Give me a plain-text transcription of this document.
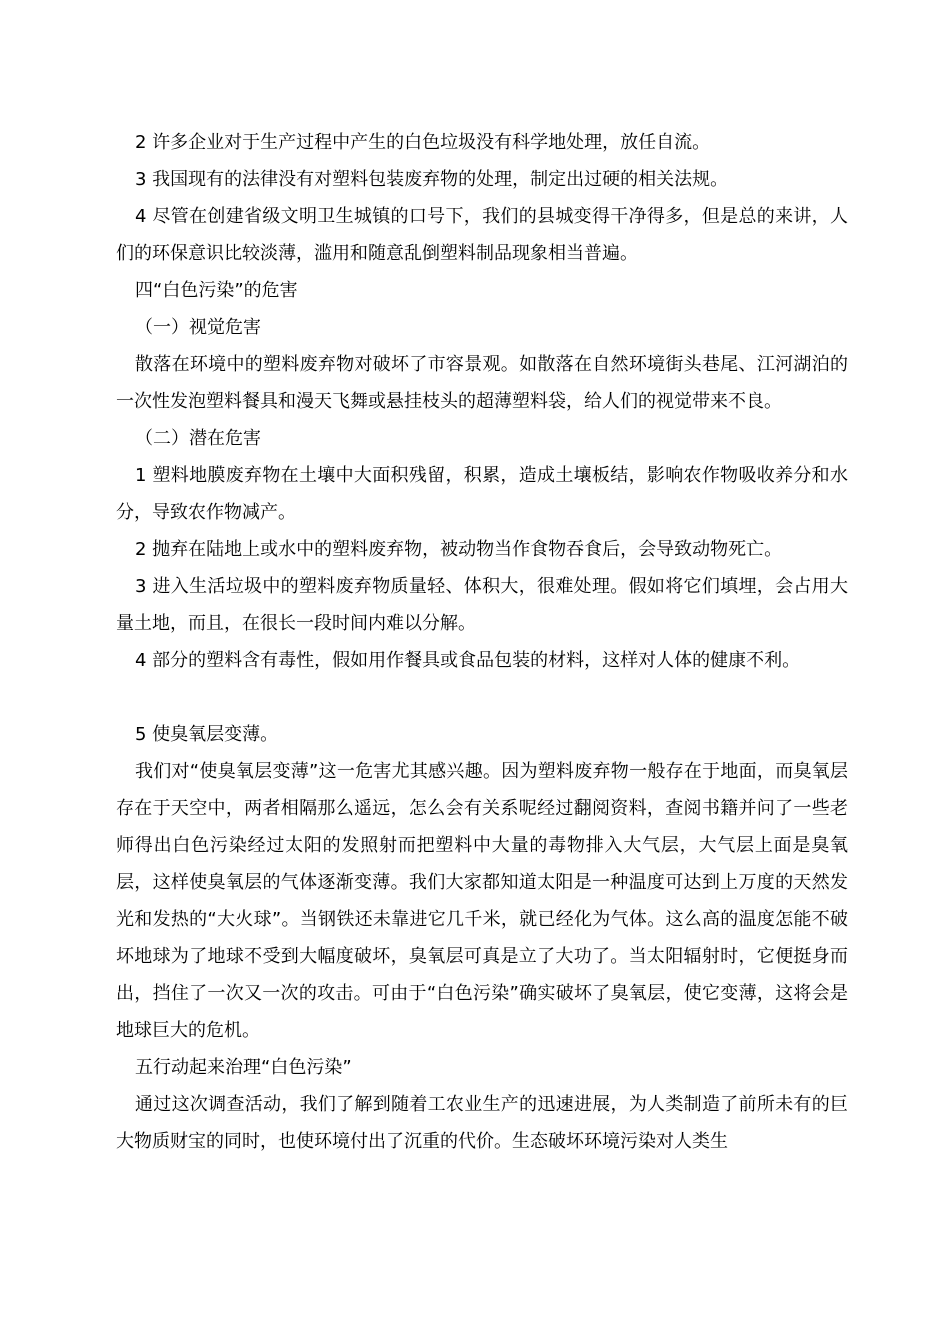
2 许多企业对于生产过程中产生的白色垃圾没有科学地处理，放任自流。

3 我国现有的法律没有对塑料包装废弃物的处理，制定出过硬的相关法规。

4 尽管在创建省级文明卫生城镇的口号下，我们的县城变得干净得多，但是总的来讲，人们的环保意识比较淡薄，滥用和随意乱倒塑料制品现象相当普遍。

四“白色污染”的危害

（一）视觉危害

散落在环境中的塑料废弃物对破坏了市容景观。如散落在自然环境街头巷尾、江河湖泊的一次性发泡塑料餐具和漫天飞舞或悬挂枝头的超薄塑料袋，给人们的视觉带来不良。

（二）潜在危害

1 塑料地膜废弃物在土壤中大面积残留，积累，造成土壤板结，影响农作物吸收养分和水分，导致农作物减产。

2 抛弃在陆地上或水中的塑料废弃物，被动物当作食物吞食后，会导致动物死亡。

3 进入生活垃圾中的塑料废弃物质量轻、体积大，很难处理。假如将它们填埋，会占用大量土地，而且，在很长一段时间内难以分解。

4 部分的塑料含有毒性，假如用作餐具或食品包装的材料，这样对人体的健康不利。

5 使臭氧层变薄。

我们对“使臭氧层变薄”这一危害尤其感兴趣。因为塑料废弃物一般存在于地面，而臭氧层存在于天空中，两者相隔那么遥远，怎么会有关系呢经过翻阅资料，查阅书籍并问了一些老师得出白色污染经过太阳的发照射而把塑料中大量的毒物排入大气层，大气层上面是臭氧层，这样使臭氧层的气体逐渐变薄。我们大家都知道太阳是一种温度可达到上万度的天然发光和发热的“大火球”。当钢铁还未靠进它几千米，就已经化为气体。这么高的温度怎能不破坏地球为了地球不受到大幅度破坏，臭氧层可真是立了大功了。当太阳辐射时，它便挺身而出，挡住了一次又一次的攻击。可由于“白色污染”确实破坏了臭氧层，使它变薄，这将会是地球巨大的危机。

五行动起来治理“白色污染”

通过这次调查活动，我们了解到随着工农业生产的迅速进展，为人类制造了前所未有的巨大物质财宝的同时，也使环境付出了沉重的代价。生态破坏环境污染对人类生
